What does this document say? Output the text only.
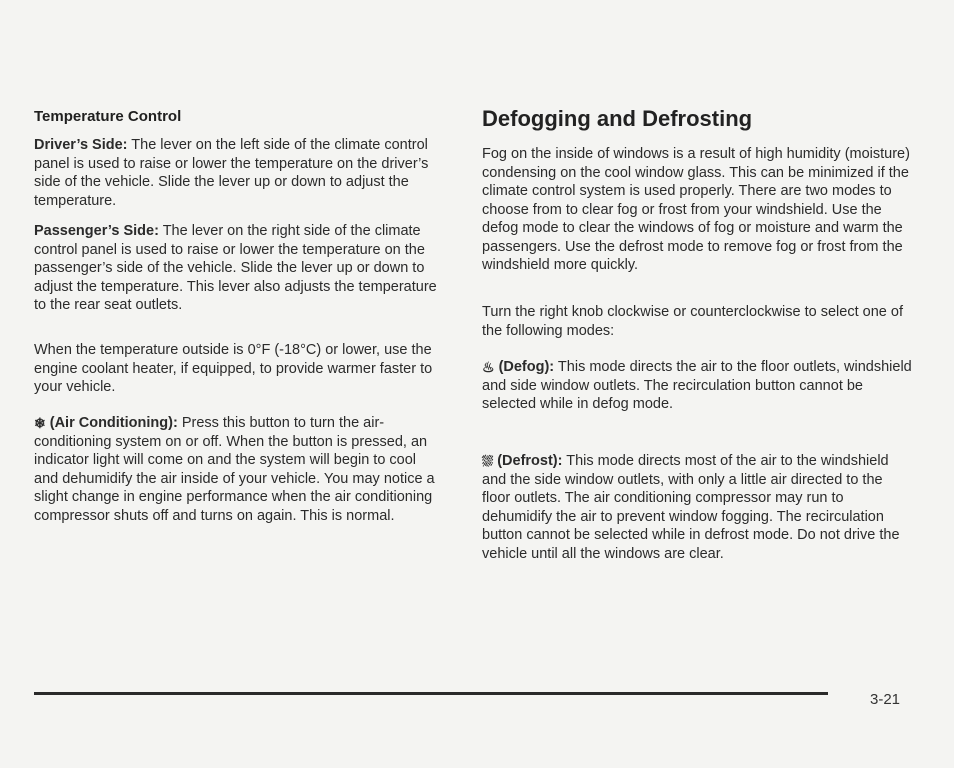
Temperature Control

Driver’s Side: The lever on the left side of the climate control panel is used to raise or lower the temperature on the driver’s side of the vehicle. Slide the lever up or down to adjust the temperature.

Passenger’s Side: The lever on the right side of the climate control panel is used to raise or lower the temperature on the passenger’s side of the vehicle. Slide the lever up or down to adjust the temperature. This lever also adjusts the temperature to the rear seat outlets.

When the temperature outside is 0°F (-18°C) or lower, use the engine coolant heater, if equipped, to provide warmer faster to your vehicle.

❄ (Air Conditioning): Press this button to turn the air-conditioning system on or off. When the button is pressed, an indicator light will come on and the system will begin to cool and dehumidify the air inside of your vehicle. You may notice a slight change in engine performance when the air conditioning compressor shuts off and turns on again. This is normal.

Defogging and Defrosting

Fog on the inside of windows is a result of high humidity (moisture) condensing on the cool window glass. This can be minimized if the climate control system is used properly. There are two modes to choose from to clear fog or frost from your windshield. Use the defog mode to clear the windows of fog or moisture and warm the passengers. Use the defrost mode to remove fog or frost from the windshield more quickly.

Turn the right knob clockwise or counterclockwise to select one of the following modes:

♨ (Defog): This mode directs the air to the floor outlets, windshield and side window outlets. The recirculation button cannot be selected while in defog mode.

⛆ (Defrost): This mode directs most of the air to the windshield and the side window outlets, with only a little air directed to the floor outlets. The air conditioning compressor may run to dehumidify the air to prevent window fogging. The recirculation button cannot be selected while in defrost mode. Do not drive the vehicle until all the windows are clear.

3-21
